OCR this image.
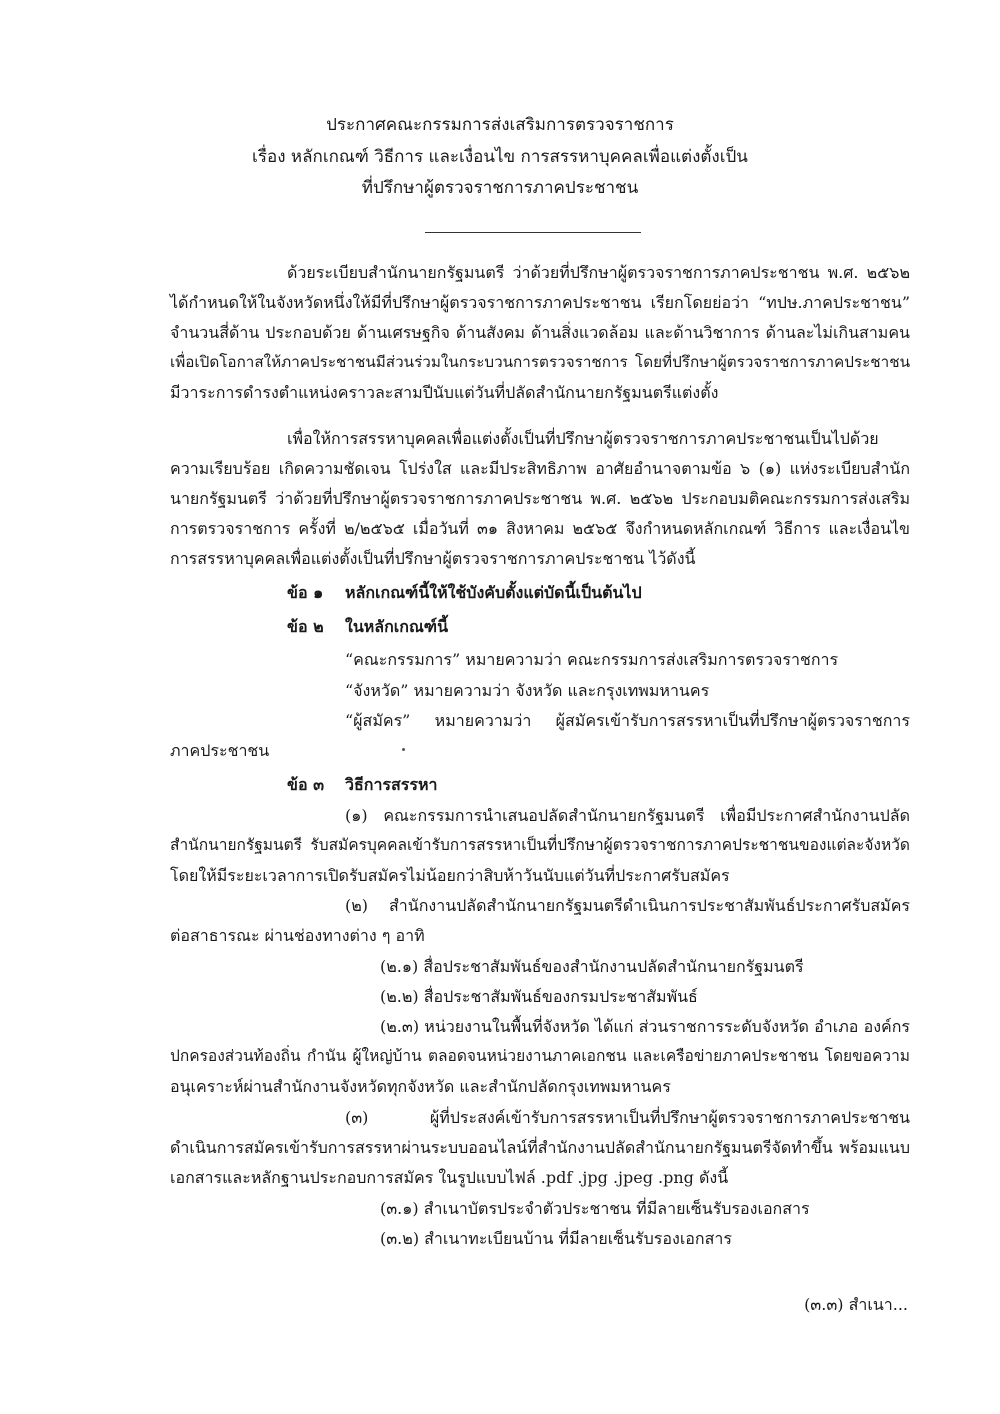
ประกาศคณะกรรมการส่งเสริมการตรวจราชการ
เรื่อง หลักเกณฑ์ วิธีการ และเงื่อนไข การสรรหาบุคคลเพื่อแต่งตั้งเป็น
ที่ปรึกษาผู้ตรวจราชการภาคประชาชน
ด้วยระเบียบสำนักนายกรัฐมนตรี ว่าด้วยที่ปรึกษาผู้ตรวจราชการภาคประชาชน พ.ศ. ๒๕๖๒
ได้กำหนดให้ในจังหวัดหนึ่งให้มีที่ปรึกษาผู้ตรวจราชการภาคประชาชน เรียกโดยย่อว่า “ทปษ.ภาคประชาชน”
จำนวนสี่ด้าน ประกอบด้วย ด้านเศรษฐกิจ ด้านสังคม ด้านสิ่งแวดล้อม และด้านวิชาการ ด้านละไม่เกินสามคน
เพื่อเปิดโอกาสให้ภาคประชาชนมีส่วนร่วมในกระบวนการตรวจราชการ โดยที่ปรึกษาผู้ตรวจราชการภาคประชาชน
มีวาระการดำรงตำแหน่งคราวละสามปีนับแต่วันที่ปลัดสำนักนายกรัฐมนตรีแต่งตั้ง
เพื่อให้การสรรหาบุคคลเพื่อแต่งตั้งเป็นที่ปรึกษาผู้ตรวจราชการภาคประชาชนเป็นไปด้วย
ความเรียบร้อย เกิดความชัดเจน โปร่งใส และมีประสิทธิภาพ อาศัยอำนาจตามข้อ ๖ (๑) แห่งระเบียบสำนัก
นายกรัฐมนตรี ว่าด้วยที่ปรึกษาผู้ตรวจราชการภาคประชาชน พ.ศ. ๒๕๖๒ ประกอบมติคณะกรรมการส่งเสริม
การตรวจราชการ ครั้งที่ ๒/๒๕๖๕ เมื่อวันที่ ๓๑ สิงหาคม ๒๕๖๕ จึงกำหนดหลักเกณฑ์ วิธีการ และเงื่อนไข
การสรรหาบุคคลเพื่อแต่งตั้งเป็นที่ปรึกษาผู้ตรวจราชการภาคประชาชน ไว้ดังนี้
ข้อ ๑ หลักเกณฑ์นี้ให้ใช้บังคับตั้งแต่บัดนี้เป็นต้นไป
ข้อ ๒ ในหลักเกณฑ์นี้
“คณะกรรมการ” หมายความว่า คณะกรรมการส่งเสริมการตรวจราชการ
“จังหวัด” หมายความว่า จังหวัด และกรุงเทพมหานคร
“ผู้สมัคร” หมายความว่า ผู้สมัครเข้ารับการสรรหาเป็นที่ปรึกษาผู้ตรวจราชการ
ภาคประชาชน
ข้อ ๓ วิธีการสรรหา
(๑) คณะกรรมการนำเสนอปลัดสำนักนายกรัฐมนตรี เพื่อมีประกาศสำนักงานปลัด
สำนักนายกรัฐมนตรี รับสมัครบุคคลเข้ารับการสรรหาเป็นที่ปรึกษาผู้ตรวจราชการภาคประชาชนของแต่ละจังหวัด
โดยให้มีระยะเวลาการเปิดรับสมัครไม่น้อยกว่าสิบห้าวันนับแต่วันที่ประกาศรับสมัคร
(๒) สำนักงานปลัดสำนักนายกรัฐมนตรีดำเนินการประชาสัมพันธ์ประกาศรับสมัคร
ต่อสาธารณะ ผ่านช่องทางต่าง ๆ อาทิ
(๒.๑) สื่อประชาสัมพันธ์ของสำนักงานปลัดสำนักนายกรัฐมนตรี
(๒.๒) สื่อประชาสัมพันธ์ของกรมประชาสัมพันธ์
(๒.๓) หน่วยงานในพื้นที่จังหวัด ได้แก่ ส่วนราชการระดับจังหวัด อำเภอ องค์กร
ปกครองส่วนท้องถิ่น กำนัน ผู้ใหญ่บ้าน ตลอดจนหน่วยงานภาคเอกชน และเครือข่ายภาคประชาชน โดยขอความ
อนุเคราะห์ผ่านสำนักงานจังหวัดทุกจังหวัด และสำนักปลัดกรุงเทพมหานคร
(๓) ผู้ที่ประสงค์เข้ารับการสรรหาเป็นที่ปรึกษาผู้ตรวจราชการภาคประชาชน
ดำเนินการสมัครเข้ารับการสรรหาผ่านระบบออนไลน์ที่สำนักงานปลัดสำนักนายกรัฐมนตรีจัดทำขึ้น พร้อมแนบ
เอกสารและหลักฐานประกอบการสมัคร ในรูปแบบไฟล์ .pdf .jpg .jpeg .png ดังนี้
(๓.๑) สำเนาบัตรประจำตัวประชาชน ที่มีลายเซ็นรับรองเอกสาร
(๓.๒) สำเนาทะเบียนบ้าน ที่มีลายเซ็นรับรองเอกสาร
(๓.๓) สำเนา...
